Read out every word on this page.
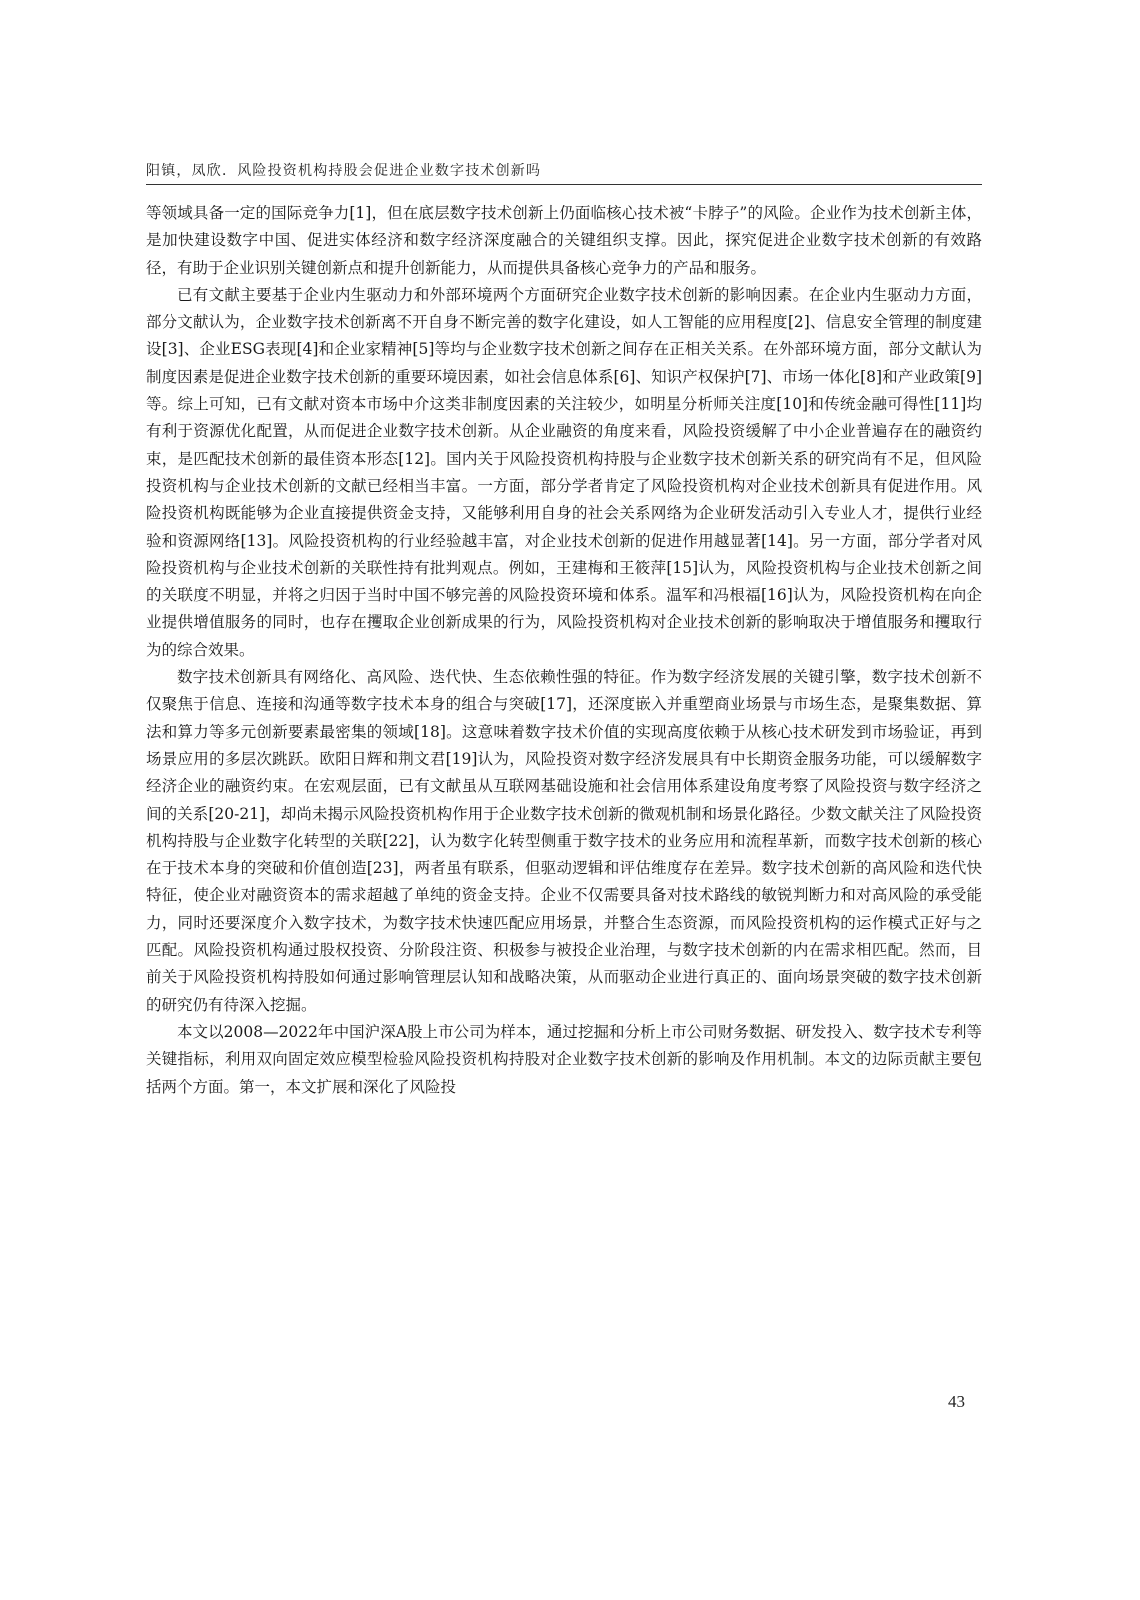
阳镇，凤欣．风险投资机构持股会促进企业数字技术创新吗

等领域具备一定的国际竞争力[1]，但在底层数字技术创新上仍面临核心技术被“卡脖子”的风险。企业作为技术创新主体，是加快建设数字中国、促进实体经济和数字经济深度融合的关键组织支撑。因此，探究促进企业数字技术创新的有效路径，有助于企业识别关键创新点和提升创新能力，从而提供具备核心竞争力的产品和服务。

已有文献主要基于企业内生驱动力和外部环境两个方面研究企业数字技术创新的影响因素。在企业内生驱动力方面，部分文献认为，企业数字技术创新离不开自身不断完善的数字化建设，如人工智能的应用程度[2]、信息安全管理的制度建设[3]、企业ESG表现[4]和企业家精神[5]等均与企业数字技术创新之间存在正相关关系。在外部环境方面，部分文献认为制度因素是促进企业数字技术创新的重要环境因素，如社会信息体系[6]、知识产权保护[7]、市场一体化[8]和产业政策[9]等。综上可知，已有文献对资本市场中介这类非制度因素的关注较少，如明星分析师关注度[10]和传统金融可得性[11]均有利于资源优化配置，从而促进企业数字技术创新。从企业融资的角度来看，风险投资缓解了中小企业普遍存在的融资约束，是匹配技术创新的最佳资本形态[12]。国内关于风险投资机构持股与企业数字技术创新关系的研究尚有不足，但风险投资机构与企业技术创新的文献已经相当丰富。一方面，部分学者肯定了风险投资机构对企业技术创新具有促进作用。风险投资机构既能够为企业直接提供资金支持，又能够利用自身的社会关系网络为企业研发活动引入专业人才，提供行业经验和资源网络[13]。风险投资机构的行业经验越丰富，对企业技术创新的促进作用越显著[14]。另一方面，部分学者对风险投资机构与企业技术创新的关联性持有批判观点。例如，王建梅和王筱萍[15]认为，风险投资机构与企业技术创新之间的关联度不明显，并将之归因于当时中国不够完善的风险投资环境和体系。温军和冯根福[16]认为，风险投资机构在向企业提供增值服务的同时，也存在攫取企业创新成果的行为，风险投资机构对企业技术创新的影响取决于增值服务和攫取行为的综合效果。

数字技术创新具有网络化、高风险、迭代快、生态依赖性强的特征。作为数字经济发展的关键引擎，数字技术创新不仅聚焦于信息、连接和沟通等数字技术本身的组合与突破[17]，还深度嵌入并重塑商业场景与市场生态，是聚集数据、算法和算力等多元创新要素最密集的领域[18]。这意味着数字技术价值的实现高度依赖于从核心技术研发到市场验证，再到场景应用的多层次跳跃。欧阳日辉和荆文君[19]认为，风险投资对数字经济发展具有中长期资金服务功能，可以缓解数字经济企业的融资约束。在宏观层面，已有文献虽从互联网基础设施和社会信用体系建设角度考察了风险投资与数字经济之间的关系[20-21]，却尚未揭示风险投资机构作用于企业数字技术创新的微观机制和场景化路径。少数文献关注了风险投资机构持股与企业数字化转型的关联[22]，认为数字化转型侧重于数字技术的业务应用和流程革新，而数字技术创新的核心在于技术本身的突破和价值创造[23]，两者虽有联系，但驱动逻辑和评估维度存在差异。数字技术创新的高风险和迭代快特征，使企业对融资资本的需求超越了单纯的资金支持。企业不仅需要具备对技术路线的敏锐判断力和对高风险的承受能力，同时还要深度介入数字技术，为数字技术快速匹配应用场景，并整合生态资源，而风险投资机构的运作模式正好与之匹配。风险投资机构通过股权投资、分阶段注资、积极参与被投企业治理，与数字技术创新的内在需求相匹配。然而，目前关于风险投资机构持股如何通过影响管理层认知和战略决策，从而驱动企业进行真正的、面向场景突破的数字技术创新的研究仍有待深入挖掘。

本文以2008—2022年中国沪深A股上市公司为样本，通过挖掘和分析上市公司财务数据、研发投入、数字技术专利等关键指标，利用双向固定效应模型检验风险投资机构持股对企业数字技术创新的影响及作用机制。本文的边际贡献主要包括两个方面。第一，本文扩展和深化了风险投

43
